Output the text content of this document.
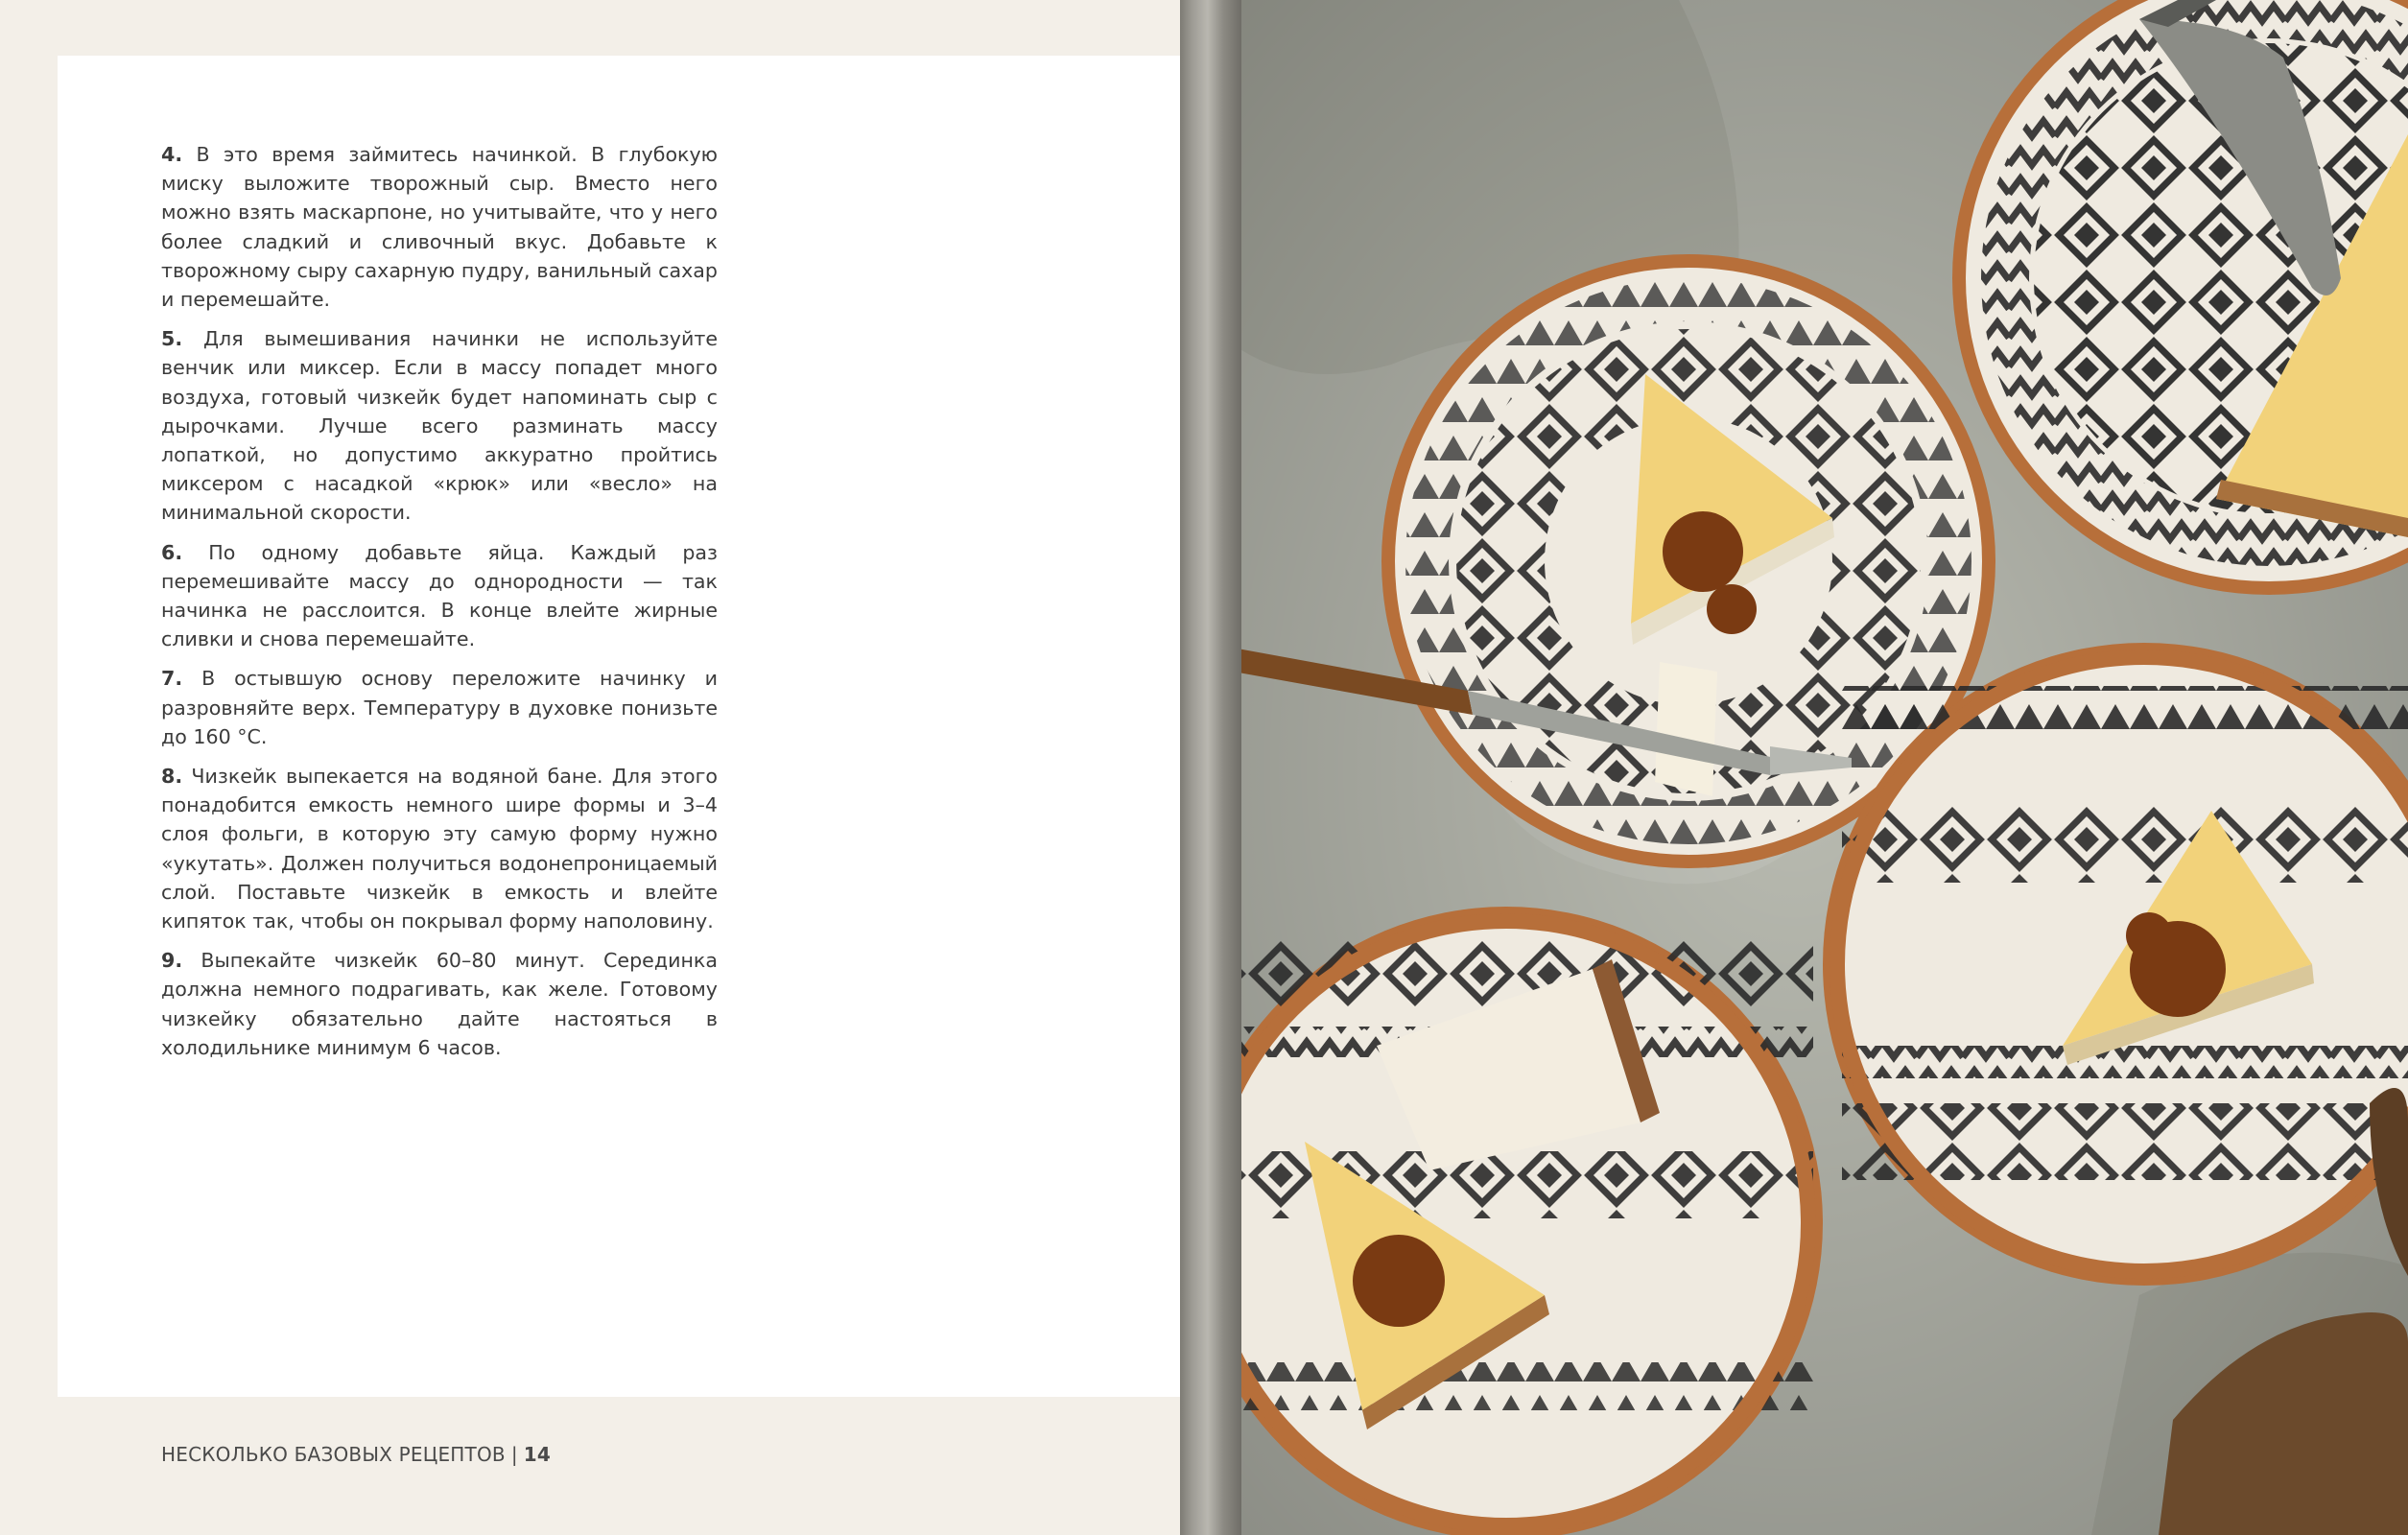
4. В это время займитесь начинкой. В глубокую миску выложите творожный сыр. Вместо него можно взять маскарпоне, но учитывайте, что у него более сладкий и сливочный вкус. Добавьте к творожному сыру сахарную пудру, ванильный сахар и перемешайте.

5. Для вымешивания начинки не используйте венчик или миксер. Если в массу попадет много воздуха, готовый чизкейк будет напоминать сыр с дырочками. Лучше всего разминать массу лопаткой, но допустимо аккуратно пройтись миксером с насадкой «крюк» или «весло» на минимальной скорости.

6. По одному добавьте яйца. Каждый раз перемешивайте массу до однородности — так начинка не расслоится. В конце влейте жирные сливки и снова перемешайте.

7. В остывшую основу переложите начинку и разровняйте верх. Температуру в духовке понизьте до 160 °С.

8. Чизкейк выпекается на водяной бане. Для этого понадобится емкость немного шире формы и 3–4 слоя фольги, в которую эту самую форму нужно «укутать». Должен получиться водонепроницаемый слой. Поставьте чизкейк в емкость и влейте кипяток так, чтобы он покрывал форму наполовину.

9. Выпекайте чизкейк 60–80 минут. Серединка должна немного подрагивать, как желе. Готовому чизкейку обязательно дайте настояться в холодильнике минимум 6 часов.

НЕСКОЛЬКО БАЗОВЫХ РЕЦЕПТОВ | 14
